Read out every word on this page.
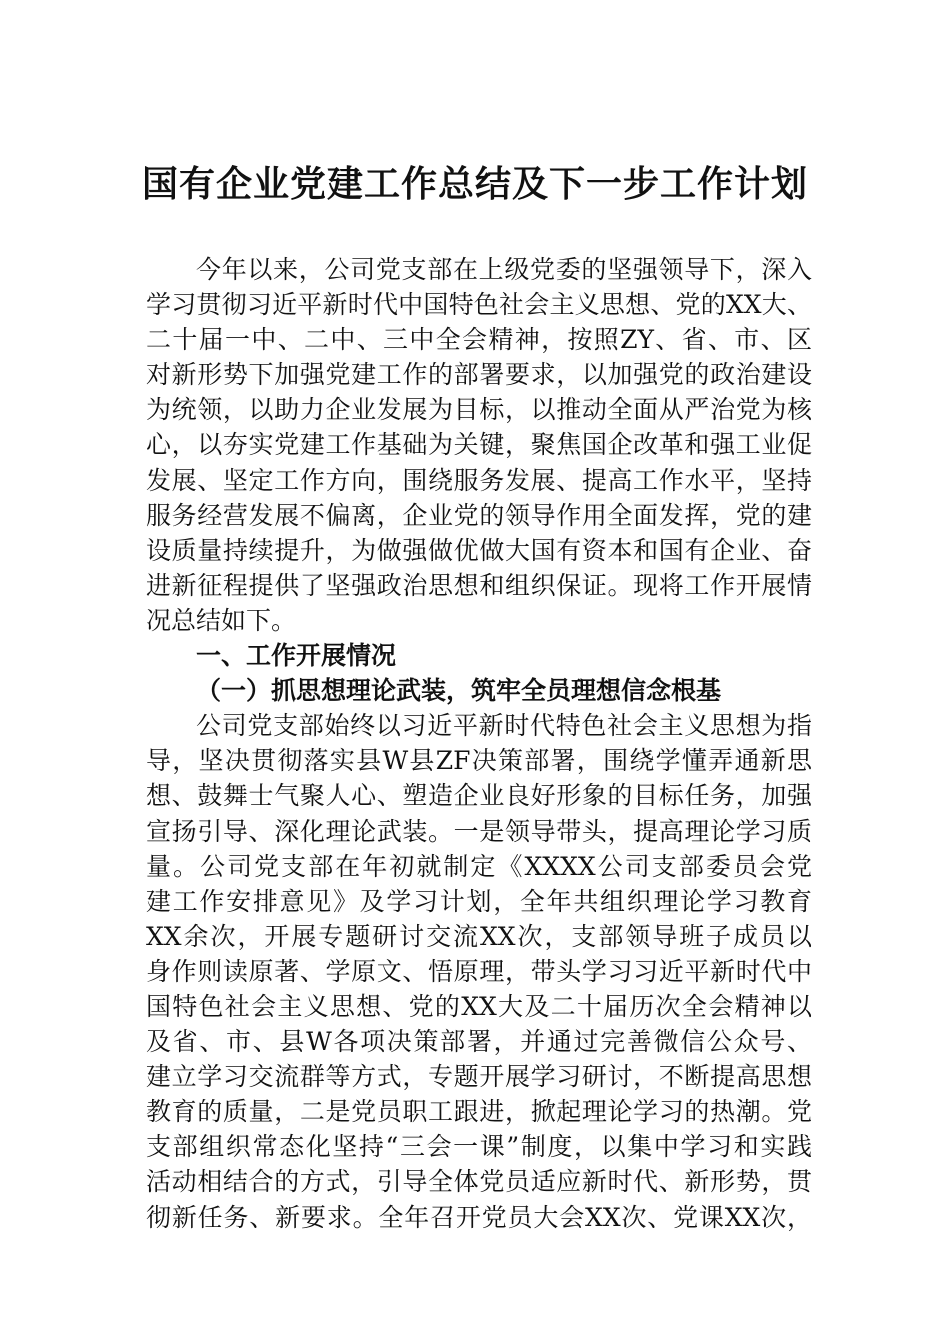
国有企业党建工作总结及下一步工作计划
今年以来，公司党支部在上级党委的坚强领导下，深入
学习贯彻习近平新时代中国特色社会主义思想、党的XX大、
二十届一中、二中、三中全会精神，按照ZY、省、市、区
对新形势下加强党建工作的部署要求，以加强党的政治建设
为统领，以助力企业发展为目标，以推动全面从严治党为核
心，以夯实党建工作基础为关键，聚焦国企改革和强工业促
发展、坚定工作方向，围绕服务发展、提高工作水平，坚持
服务经营发展不偏离，企业党的领导作用全面发挥，党的建
设质量持续提升，为做强做优做大国有资本和国有企业、奋
进新征程提供了坚强政治思想和组织保证。现将工作开展情
况总结如下。
一、工作开展情况
（一）抓思想理论武装，筑牢全员理想信念根基
公司党支部始终以习近平新时代特色社会主义思想为指
导，坚决贯彻落实县W县ZF决策部署，围绕学懂弄通新思
想、鼓舞士气聚人心、塑造企业良好形象的目标任务，加强
宣扬引导、深化理论武装。一是领导带头，提高理论学习质
量。公司党支部在年初就制定《XXXX公司支部委员会党
建工作安排意见》及学习计划，全年共组织理论学习教育
XX余次，开展专题研讨交流XX次，支部领导班子成员以
身作则读原著、学原文、悟原理，带头学习习近平新时代中
国特色社会主义思想、党的XX大及二十届历次全会精神以
及省、市、县W各项决策部署，并通过完善微信公众号、
建立学习交流群等方式，专题开展学习研讨，不断提高思想
教育的质量，二是党员职工跟进，掀起理论学习的热潮。党
支部组织常态化坚持“三会一课”制度，以集中学习和实践
活动相结合的方式，引导全体党员适应新时代、新形势，贯
彻新任务、新要求。全年召开党员大会XX次、党课XX次，
